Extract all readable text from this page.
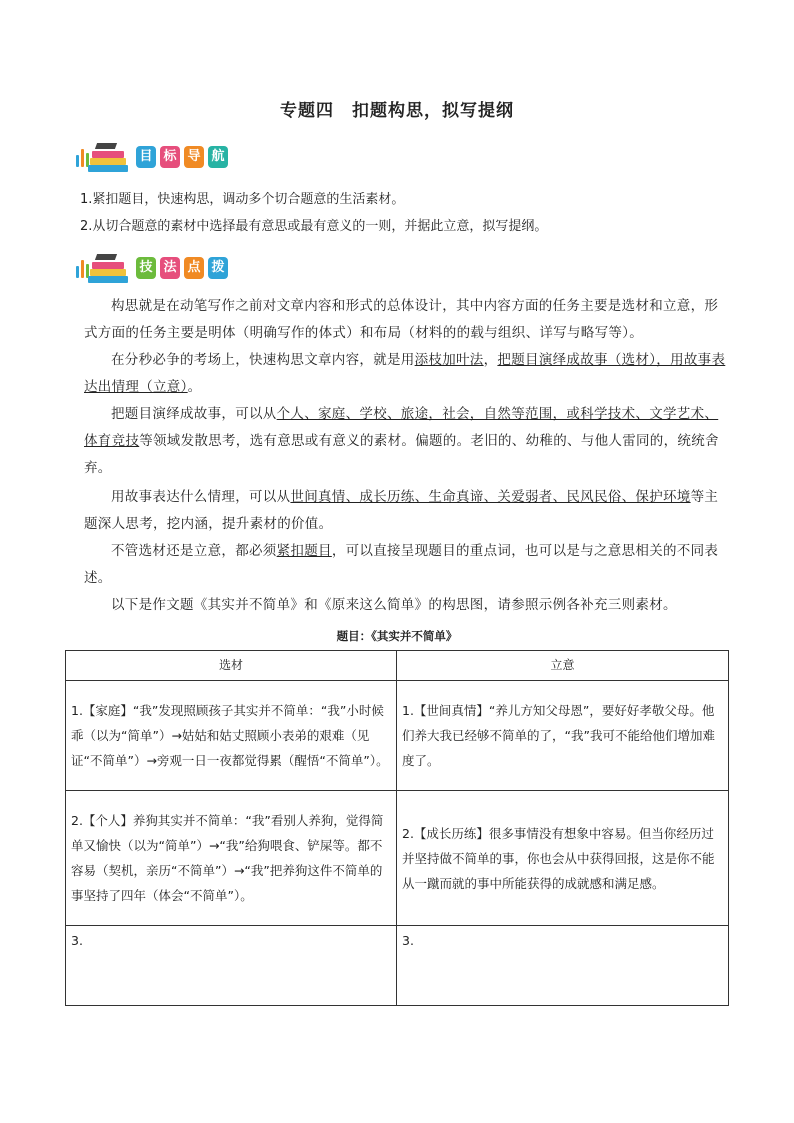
专题四　扣题构思，拟写提纲
目 标 导 航
1.紧扣题目，快速构思，调动多个切合题意的生活素材。
2.从切合题意的素材中选择最有意思或最有意义的一则，并据此立意，拟写提纲。
技 法 点 拨

构思就是在动笔写作之前对文章内容和形式的总体设计，其中内容方面的任务主要是选材和立意，形式方面的任务主要是明体（明确写作的体式）和布局（材料的的载与组织、详写与略写等）。

在分秒必争的考场上，快速构思文章内容，就是用添枝加叶法，把题目演绎成故事（选材），用故事表达出情理（立意）。

把题目演绎成故事，可以从个人、家庭、学校、旅途，社会，自然等范围，或科学技术、文学艺术、体育竞技等领域发散思考，选有意思或有意义的素材。偏题的。老旧的、幼稚的、与他人雷同的，统统舍弃。

用故事表达什么情理，可以从世间真情、成长历练、生命真谛、关爱弱者、民风民俗、保护环境等主题深人思考，挖内涵，提升素材的价值。

不管选材还是立意，都必须紧扣题目，可以直接呈现题目的重点词，也可以是与之意思相关的不同表述。

以下是作文题《其实并不简单》和《原来这么简单》的构思图，请参照示例各补充三则素材。

题目：《其实并不简单》
选材	立意
1.【家庭】“我”发现照顾孩子其实并不简单：“我”小时候乖（以为“简单”）→姑姑和姑丈照顾小表弟的艰难（见证“不简单”）→旁观一日一夜都觉得累（醒悟“不简单”）。	1.【世间真情】“养儿方知父母恩”，要好好孝敬父母。他们养大我已经够不简单的了，“我”我可不能给他们增加难度了。
2.【个人】养狗其实并不简单：“我”看别人养狗，觉得简单又愉快（以为“简单”）→“我”给狗喂食、铲屎等。都不容易（契机，亲历“不简单”）→“我”把养狗这件不简单的事坚持了四年（体会“不简单”）。	2.【成长历练】很多事情没有想象中容易。但当你经历过并坚持做不简单的事，你也会从中获得回报，这是你不能从一蹴而就的事中所能获得的成就感和满足感。
3.	3.
